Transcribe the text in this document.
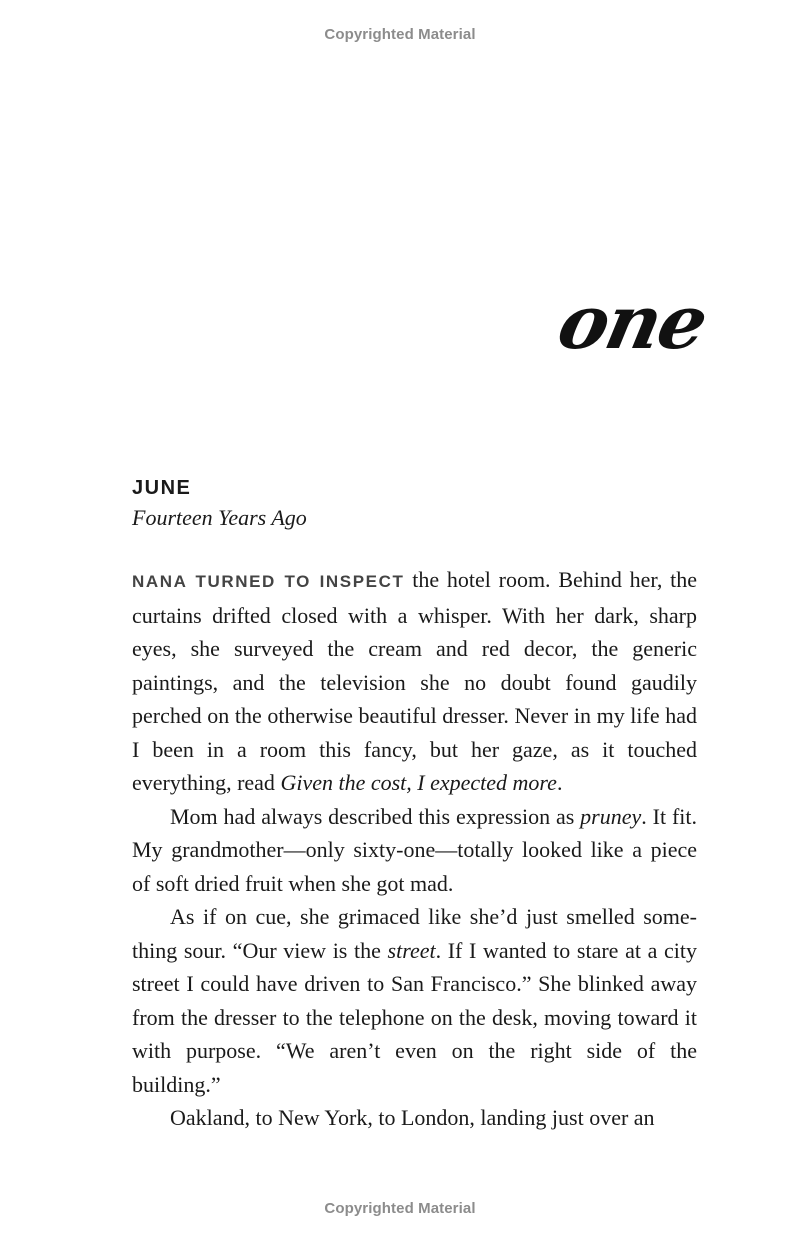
Copyrighted Material
one
JUNE
Fourteen Years Ago

NANA TURNED TO INSPECT the hotel room. Behind her, the curtains drifted closed with a whisper. With her dark, sharp eyes, she surveyed the cream and red decor, the generic paintings, and the television she no doubt found gaudily perched on the otherwise beautiful dresser. Never in my life had I been in a room this fancy, but her gaze, as it touched everything, read Given the cost, I expected more.

Mom had always described this expression as pruney. It fit. My grandmother—only sixty-one—totally looked like a piece of soft dried fruit when she got mad.

As if on cue, she grimaced like she’d just smelled something sour. “Our view is the street. If I wanted to stare at a city street I could have driven to San Francisco.” She blinked away from the dresser to the telephone on the desk, moving toward it with purpose. “We aren’t even on the right side of the building.”

Oakland, to New York, to London, landing just over an

Copyrighted Material
